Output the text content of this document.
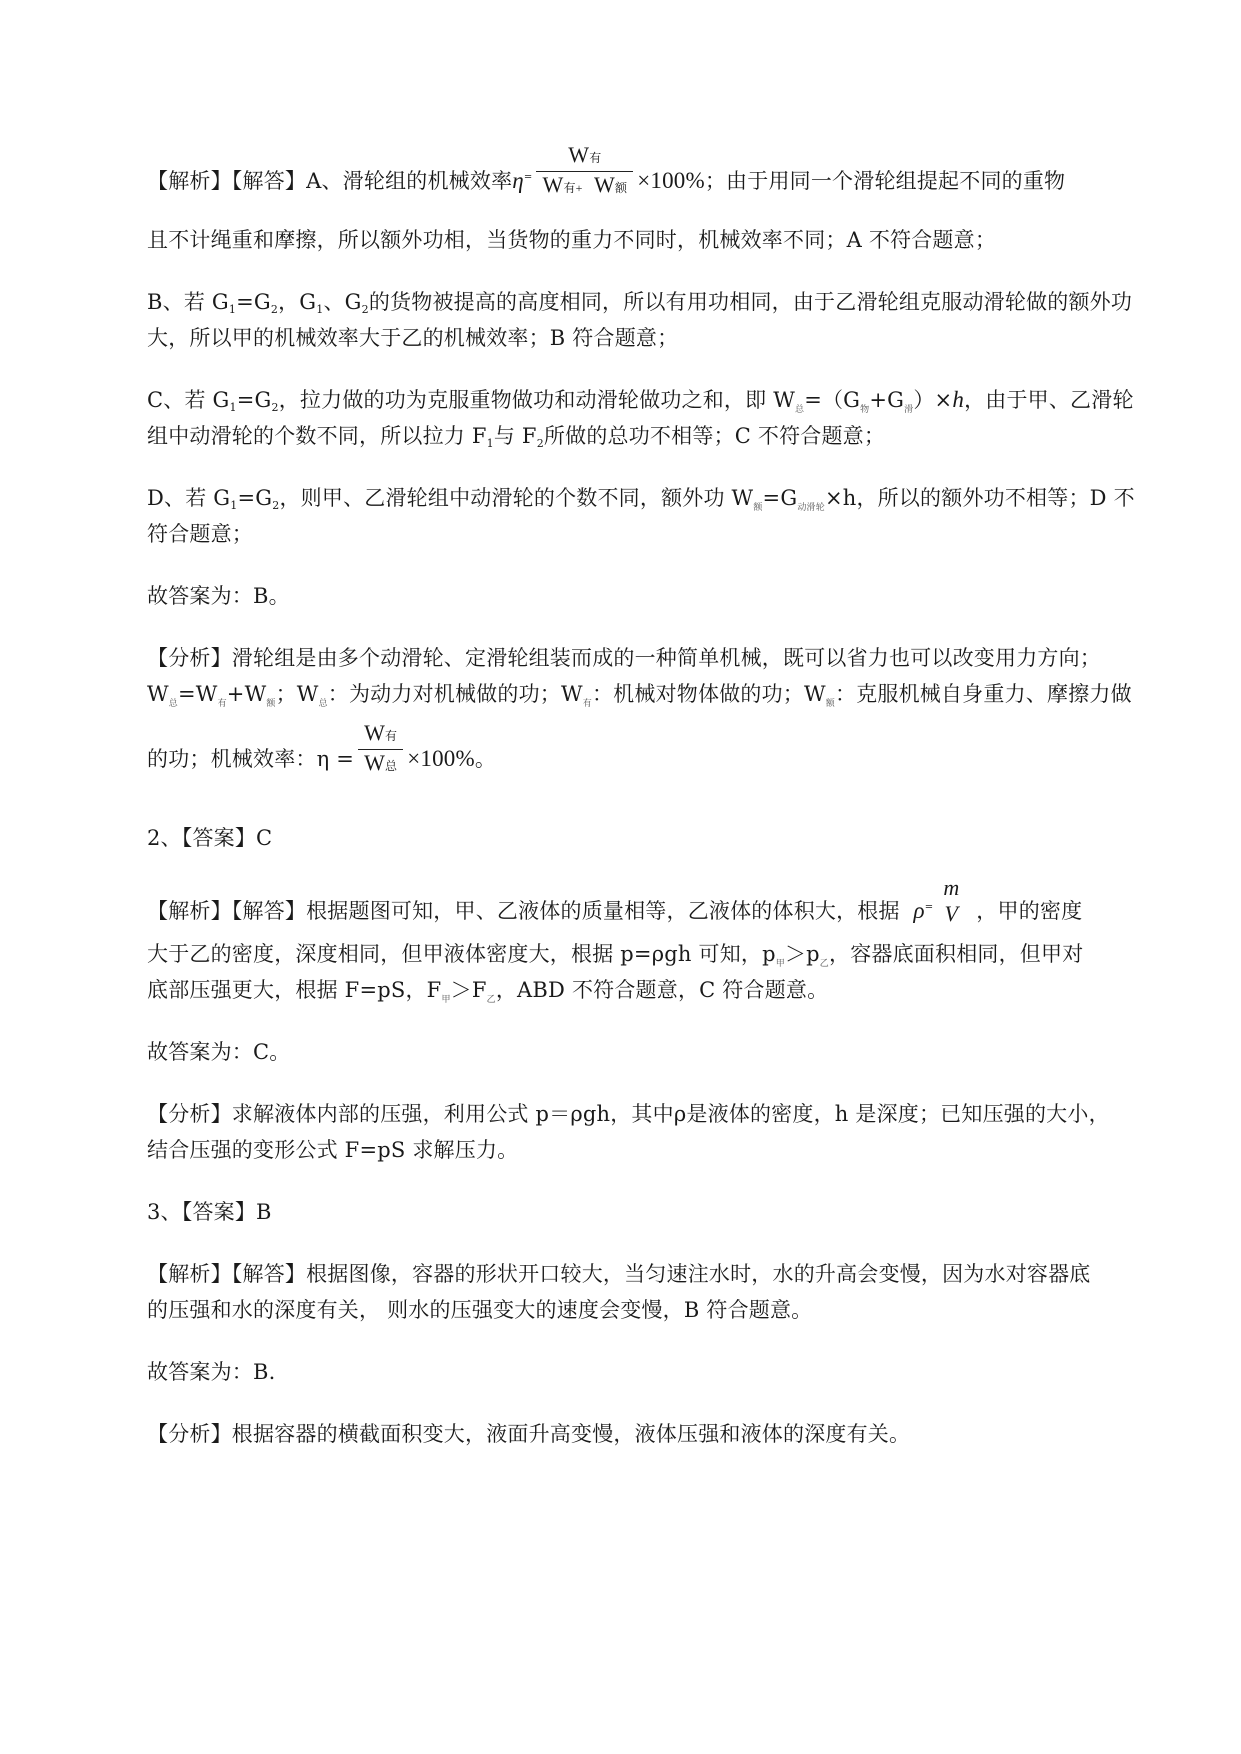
【解析】【解答】A、滑轮组的机械效率$\eta^= \frac{\text{W有}}{\text{W有+ W额}} \times 100\%$；由于用同一个滑轮组提起不同的重物
且不计绳重和摩擦，所以额外功相，当货物的重力不同时，机械效率不同；A 不符合题意；
B、若 $G_1=G_2$，$G_1$、$G_2$的货物被提高的高度相同，所以有用功相同，由于乙滑轮组克服动滑轮做的额外功
大，所以甲的机械效率大于乙的机械效率；B 符合题意；
C、若 $G_1=G_2$，拉力做的功为克服重物做功和动滑轮做功之和，即 $W_总=(G_物+G_滑)\times h$，由于甲、乙滑轮
组中动滑轮的个数不同，所以拉力 $F_1$与 $F_2$所做的总功不相等；C 不符合题意；
D、若 $G_1=G_2$，则甲、乙滑轮组中动滑轮的个数不同，额外功 $W_额=G_{动滑轮}\times h$，所以的额外功不相等；D 不
符合题意；
故答案为：B。
【分析】滑轮组是由多个动滑轮、定滑轮组装而成的一种简单机械，既可以省力也可以改变用力方向；
$W_总=W_有+W_额$；$W_总$：为动力对机械做的功；$W_有$：机械对物体做的功；$W_额$：克服机械自身重力、摩擦力做
的功；机械效率：$\eta = \frac{\text{W有}}{\text{W总}} \times 100\%$。
2、【答案】C
【解析】【解答】根据题图可知，甲、乙液体的质量相等，乙液体的体积大，根据 ρ=
m
V ，甲的密度
大于乙的密度，深度相同，但甲液体密度大，根据 p=ρgh 可知，$p_甲>p_乙$，容器底面积相同，但甲对
底部压强更大，根据 F=pS，$F_甲>F_乙$，ABD 不符合题意，C 符合题意。
故答案为：C。
【分析】求解液体内部的压强，利用公式 p＝ρgh，其中ρ是液体的密度，h 是深度；已知压强的大小，
结合压强的变形公式 F=pS 求解压力。
3、【答案】B
【解析】【解答】根据图像，容器的形状开口较大，当匀速注水时，水的升高会变慢，因为水对容器底
的压强和水的深度有关， 则水的压强变大的速度会变慢，B 符合题意。
故答案为：B.
【分析】根据容器的横截面积变大，液面升高变慢，液体压强和液体的深度有关。
